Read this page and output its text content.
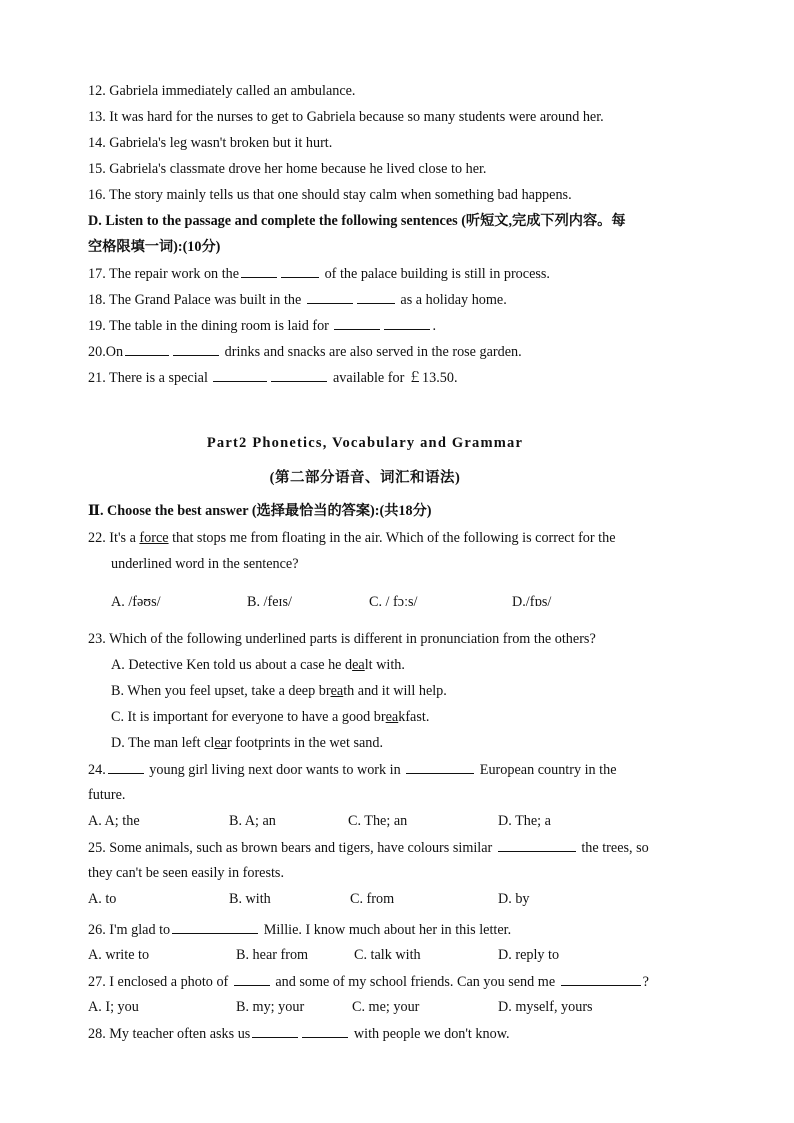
12. Gabriela immediately called an ambulance.
13. It was hard for the nurses to get to Gabriela because so many students were around her.
14. Gabriela's leg wasn't broken but it hurt.
15. Gabriela's classmate drove her home because he lived close to her.
16. The story mainly tells us that one should stay calm when something bad happens.
D. Listen to the passage and complete the following sentences (听短文,完成下列内容。每
空格限填一词):(10分)
17. The repair work on the	of the palace building is still in process.
18. The Grand Palace was built in the	as a holiday home.
19. The table in the dining room is laid for	.
20.On	drinks and snacks are also served in the rose garden.
21. There is a special	available for ￡13.50.
Part2 Phonetics, Vocabulary and Grammar
(第二部分语音、词汇和语法)
Ⅱ. Choose the best answer (选择最恰当的答案):(共18分)
22. It's a force that stops me from floating in the air. Which of the following is correct for the
underlined word in the sentence?
A. /fəʊs/	B. /feɪs/	C. / fɔːs/	D./fɒs/
23. Which of the following underlined parts is different in pronunciation from the others?
A. Detective Ken told us about a case he dealt with.
B. When you feel upset, take a deep breath and it will help.
C. It is important for everyone to have a good breakfast.
D. The man left clear footprints in the wet sand.
24.	young girl living next door wants to work in	European country in the
future.
A. A; the	B. A; an	C. The; an	D. The; a
25. Some animals, such as brown bears and tigers, have colours similar	the trees, so
they can't be seen easily in forests.
A. to	B. with	C. from	D. by
26. I'm glad to	Millie. I know much about her in this letter.
A. write to	B. hear from	C. talk with	D. reply to
27. I enclosed a photo of	and some of my school friends. Can you send me	?
A. I; you	B. my; your	C. me; your	D. myself, yours
28. My teacher often asks us	with people we don't know.
